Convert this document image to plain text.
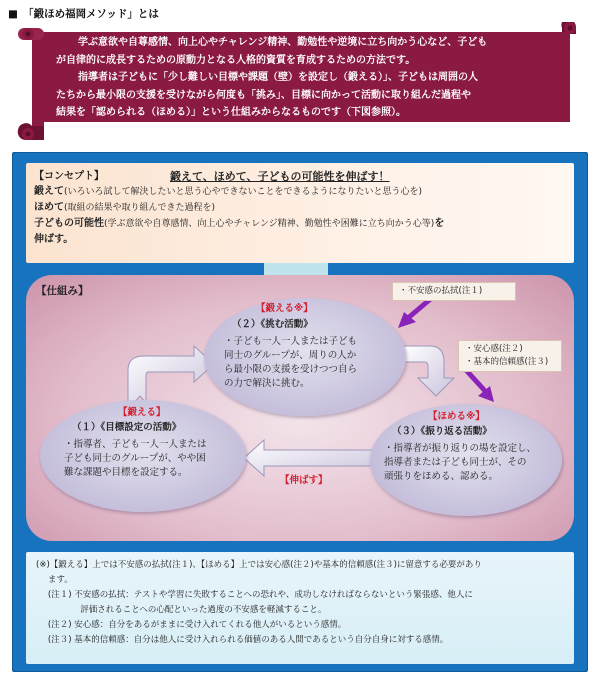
■　「鍛ほめ福岡メソッド」とは

学ぶ意欲や自尊感情、向上心やチャレンジ精神、勤勉性や逆境に立ち向かう心など、子ども

が自律的に成長するための原動力となる人格的資質を育成するための方法です。

指導者は子どもに「少し難しい目標や課題（壁）を設定し（鍛える）」、子どもは周囲の人

たちから最小限の支援を受けながら何度も「挑み」、目標に向かって活動に取り組んだ過程や
結果を「認められる（ほめる）」という仕組みからなるものです（下図参照）。
【コンセプト】	鍛えて、ほめて、子どもの可能性を伸ばす！
鍛えて(いろいろ試して解決したいと思う心やできないことをできるようになりたいと思う心を)
ほめて(取組の結果や取り組んできた過程を)
子どもの可能性(学ぶ意欲や自尊感情、向上心やチャレンジ精神、勤勉性や困難に立ち向かう心等)を
伸ばす。
【仕組み】
【鍛える※】
（２）《挑む活動》
・子ども一人一人または子ども
同士のグループが、周りの人か
ら最小限の支援を受けつつ自ら
の力で解決に挑む。
【鍛える】
（１）《目標設定の活動》
・指導者、子ども一人一人または
子ども同士のグループが、やや困
難な課題や目標を設定する。
【ほめる※】
（３）《振り返る活動》
・指導者が振り返りの場を設定し、
指導者または子ども同士が、その
頑張りをほめる、認める。
【伸ばす】
・不安感の払拭(注１)
・安心感(注２)
・基本的信頼感(注３)
(※)【鍛える】上では不安感の払拭(注１)、【ほめる】上では安心感(注２)や基本的信頼感(注３)に留意する必要があり
ます。
(注１) 不安感の払拭：テストや学習に失敗することへの恐れや、成功しなければならないという緊張感、他人に
評価されることへの心配といった過度の不安感を軽減すること。
(注２) 安心感：自分をあるがままに受け入れてくれる他人がいるという感情。
(注３) 基本的信頼感：自分は他人に受け入れられる価値のある人間であるという自分自身に対する感情。
